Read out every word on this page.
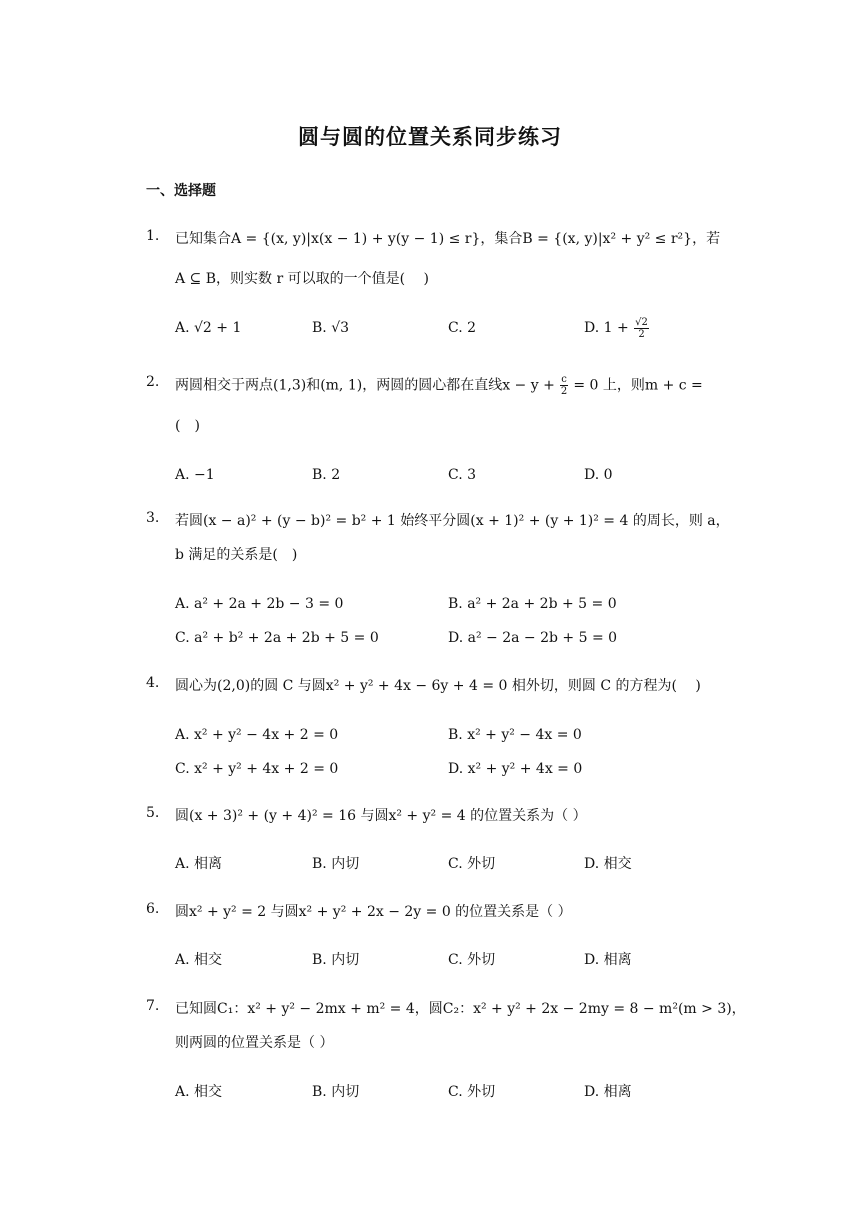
圆与圆的位置关系同步练习
一、选择题
1. 已知集合A = {(x, y)|x(x − 1) + y(y − 1) ≤ r}，集合B = {(x, y)|x² + y² ≤ r²}，若
A ⊆ B，则实数 r 可以取的一个值是(　 )
A. √2 + 1	B. √3	C. 2	D. $1 + \frac{√2}{2}$
2. 两圆相交于两点(1,3)和(m, 1)，两圆的圆心都在直线$x - y + \frac{c}{2} = 0$ 上，则m + c =
(　)
A. −1	B. 2	C. 3	D. 0
3. 若圆(x − a)² + (y − b)² = b² + 1 始终平分圆(x + 1)² + (y + 1)² = 4 的周长，则 a，
b 满足的关系是(　)
A. a² + 2a + 2b − 3 = 0	B. a² + 2a + 2b + 5 = 0
C. a² + b² + 2a + 2b + 5 = 0	D. a² − 2a − 2b + 5 = 0
4. 圆心为(2,0)的圆 C 与圆x² + y² + 4x − 6y + 4 = 0 相外切，则圆 C 的方程为(　 )
A. x² + y² − 4x + 2 = 0	B. x² + y² − 4x = 0
C. x² + y² + 4x + 2 = 0	D. x² + y² + 4x = 0
5. 圆(x + 3)² + (y + 4)² = 16 与圆x² + y² = 4 的位置关系为（ ）
A. 相离	B. 内切	C. 外切	D. 相交
6. 圆x² + y² = 2 与圆x² + y² + 2x − 2y = 0 的位置关系是（ ）
A. 相交	B. 内切	C. 外切	D. 相离
7. 已知圆C₁：x² + y² − 2mx + m² = 4，圆C₂：x² + y² + 2x − 2my = 8 − m²(m > 3)，
则两圆的位置关系是（ ）
A. 相交	B. 内切	C. 外切	D. 相离
